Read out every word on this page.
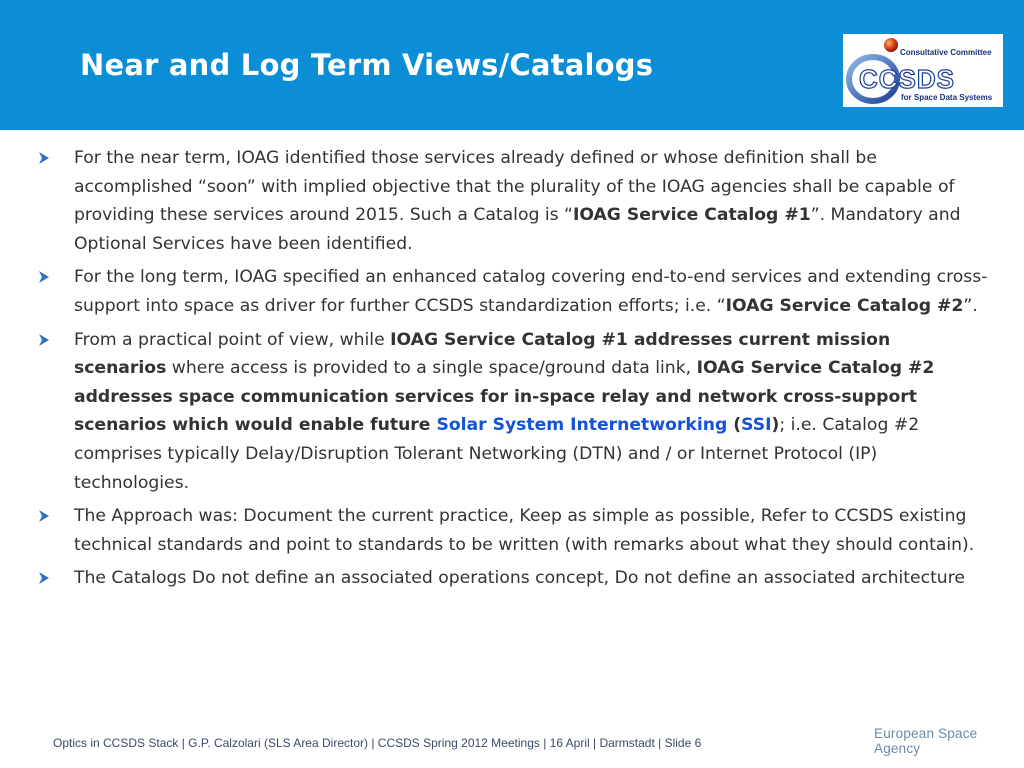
Near and Log Term Views/Catalogs	Consultative Committee
CCSDS
for Space Data Systems
For the near term, IOAG identified those services already defined or whose definition shall be accomplished “soon” with implied objective that the plurality of the IOAG agencies shall be capable of providing these services around 2015. Such a Catalog is “IOAG Service Catalog #1”. Mandatory and Optional Services have been identified.
For the long term, IOAG specified an enhanced catalog covering end-to-end services and extending cross-support into space as driver for further CCSDS standardization efforts; i.e. “IOAG Service Catalog #2”.
From a practical point of view, while IOAG Service Catalog #1 addresses current mission scenarios where access is provided to a single space/ground data link, IOAG Service Catalog #2 addresses space communication services for in-space relay and network cross-support scenarios which would enable future Solar System Internetworking (SSI); i.e. Catalog #2 comprises typically Delay/Disruption Tolerant Networking (DTN) and / or Internet Protocol (IP) technologies.
The Approach was: Document the current practice, Keep as simple as possible, Refer to CCSDS existing technical standards and point to standards to be written (with remarks about what they should contain).
The Catalogs Do not define an associated operations concept, Do not define an associated architecture
Optics in CCSDS Stack | G.P. Calzolari (SLS Area Director) | CCSDS Spring 2012 Meetings | 16 April | Darmstadt | Slide 6
European Space Agency
